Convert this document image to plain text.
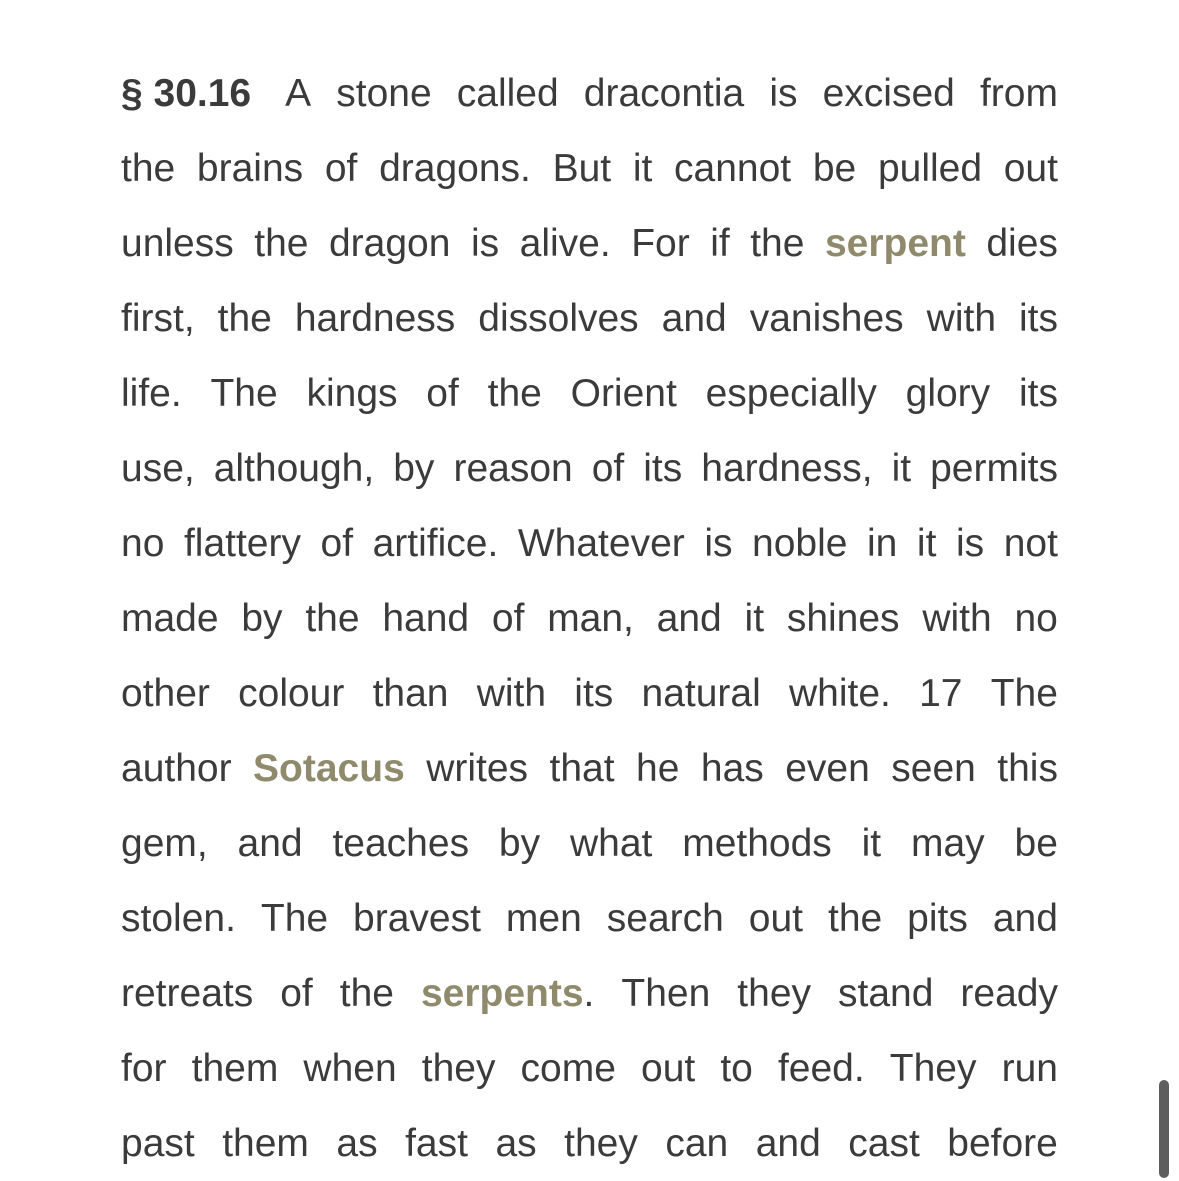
§ 30.16 A stone called dracontia is excised from
the brains of dragons. But it cannot be pulled out
unless the dragon is alive. For if the serpent dies
first, the hardness dissolves and vanishes with its
life. The kings of the Orient especially glory its
use, although, by reason of its hardness, it permits
no flattery of artifice. Whatever is noble in it is not
made by the hand of man, and it shines with no
other colour than with its natural white. 17 The
author Sotacus writes that he has even seen this
gem, and teaches by what methods it may be
stolen. The bravest men search out the pits and
retreats of the serpents. Then they stand ready
for them when they come out to feed. They run
past them as fast as they can and cast before
